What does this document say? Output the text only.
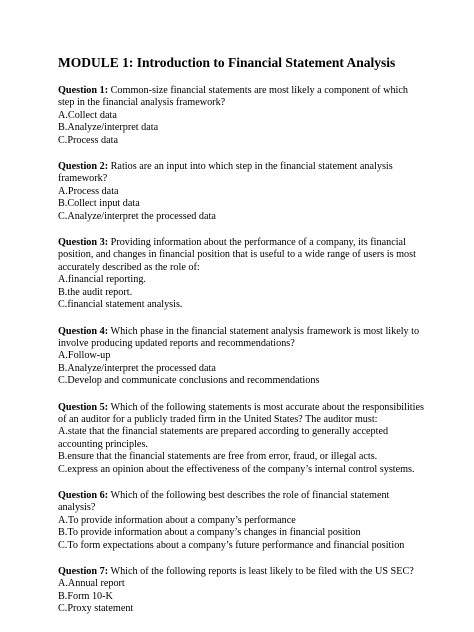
MODULE 1: Introduction to Financial Statement Analysis

Question 1: Common-size financial statements are most likely a component of which step in the financial analysis framework?

A.Collect data

B.Analyze/interpret data

C.Process data

Question 2: Ratios are an input into which step in the financial statement analysis framework?

A.Process data

B.Collect input data

C.Analyze/interpret the processed data

Question 3: Providing information about the performance of a company, its financial position, and changes in financial position that is useful to a wide range of users is most accurately described as the role of:

A.financial reporting.

B.the audit report.

C.financial statement analysis.

Question 4: Which phase in the financial statement analysis framework is most likely to involve producing updated reports and recommendations?

A.Follow-up

B.Analyze/interpret the processed data

C.Develop and communicate conclusions and recommendations

Question 5: Which of the following statements is most accurate about the responsibilities of an auditor for a publicly traded firm in the United States? The auditor must:

A.state that the financial statements are prepared according to generally accepted accounting principles.

B.ensure that the financial statements are free from error, fraud, or illegal acts.

C.express an opinion about the effectiveness of the company’s internal control systems.

Question 6: Which of the following best describes the role of financial statement analysis?

A.To provide information about a company’s performance

B.To provide information about a company’s changes in financial position

C.To form expectations about a company’s future performance and financial position

Question 7: Which of the following reports is least likely to be filed with the US SEC?

A.Annual report

B.Form 10-K

C.Proxy statement
